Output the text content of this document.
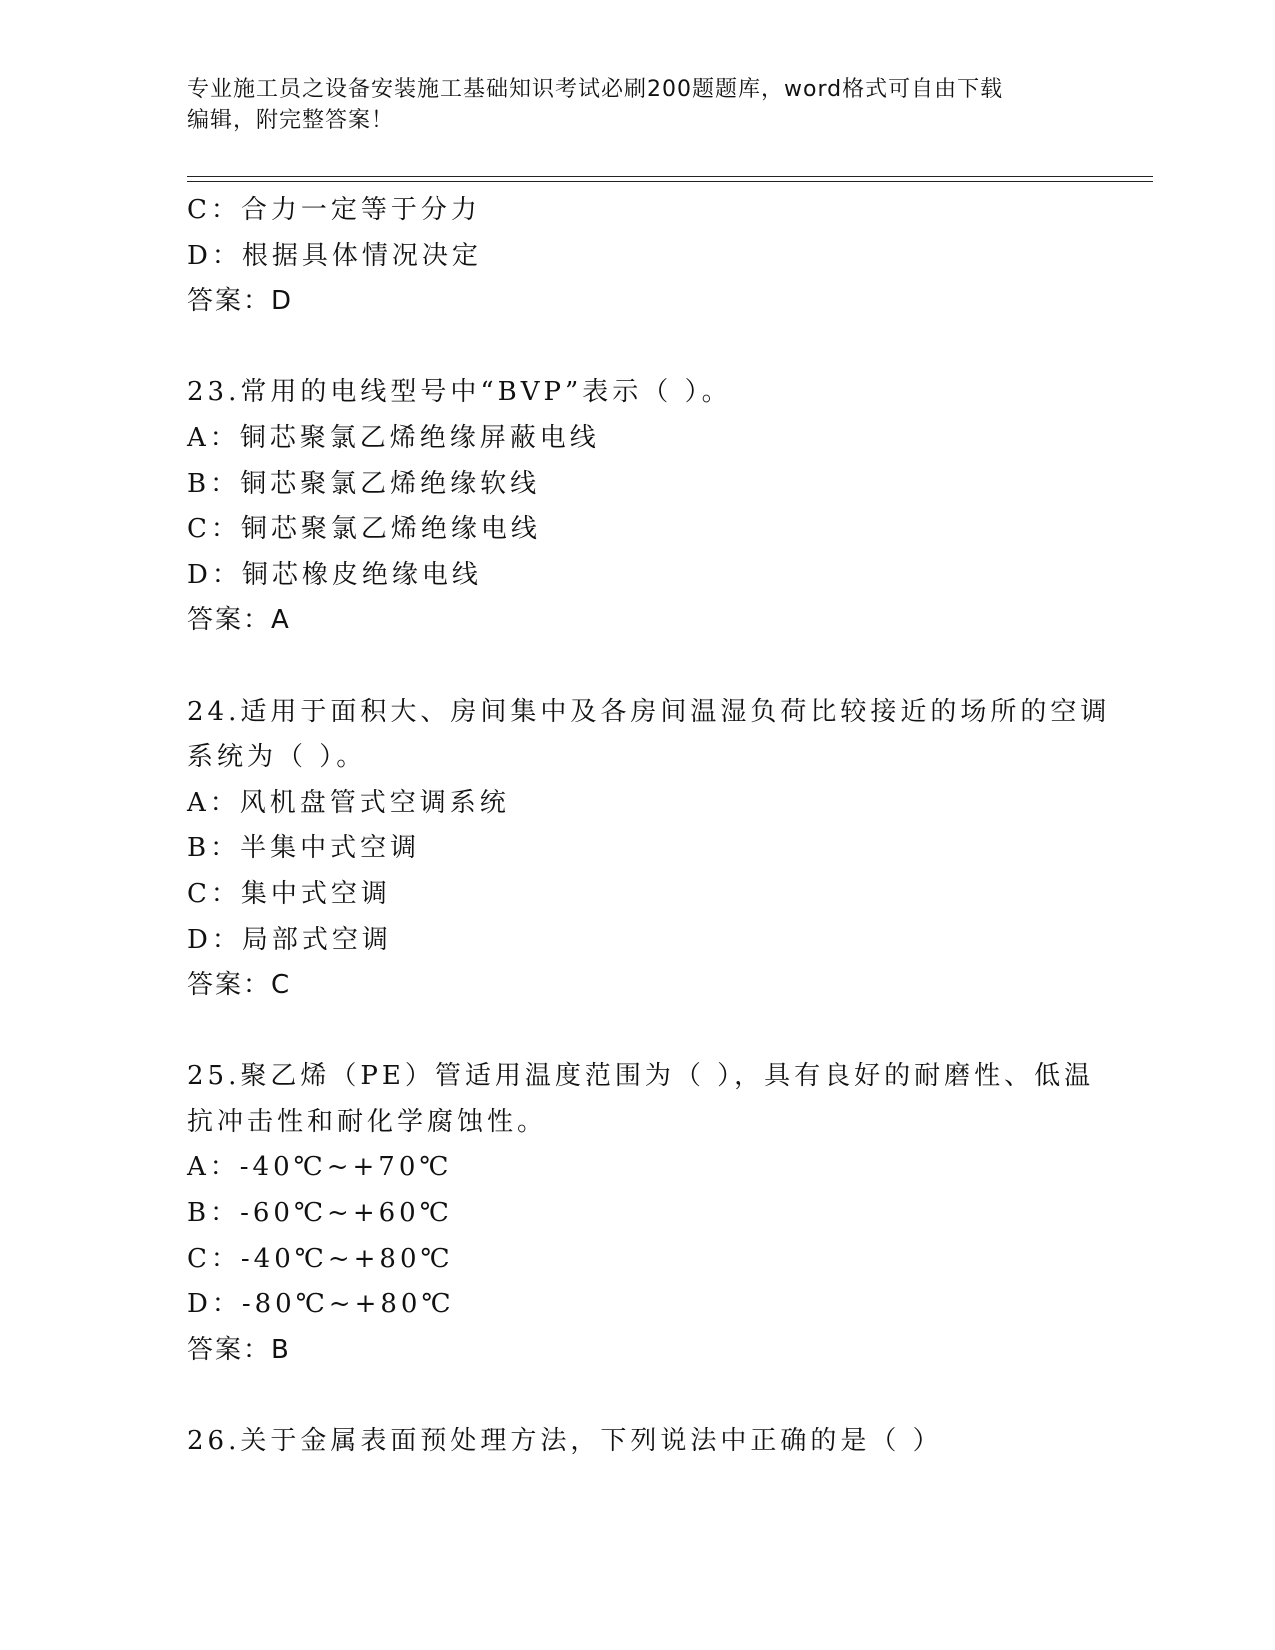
专业施工员之设备安装施工基础知识考试必刷200题题库，word格式可自由下载
编辑，附完整答案！
C：合力一定等于分力
D：根据具体情况决定
答案：D
23.常用的电线型号中“BVP”表示（ ）。
A：铜芯聚氯乙烯绝缘屏蔽电线
B：铜芯聚氯乙烯绝缘软线
C：铜芯聚氯乙烯绝缘电线
D：铜芯橡皮绝缘电线
答案：A
24.适用于面积大、房间集中及各房间温湿负荷比较接近的场所的空调
系统为（ ）。
A：风机盘管式空调系统
B：半集中式空调
C：集中式空调
D：局部式空调
答案：C
25.聚乙烯（PE）管适用温度范围为（ ），具有良好的耐磨性、低温
抗冲击性和耐化学腐蚀性。
A：-40℃~+70℃
B：-60℃~+60℃
C：-40℃~+80℃
D：-80℃~+80℃
答案：B
26.关于金属表面预处理方法，下列说法中正确的是（ ）
